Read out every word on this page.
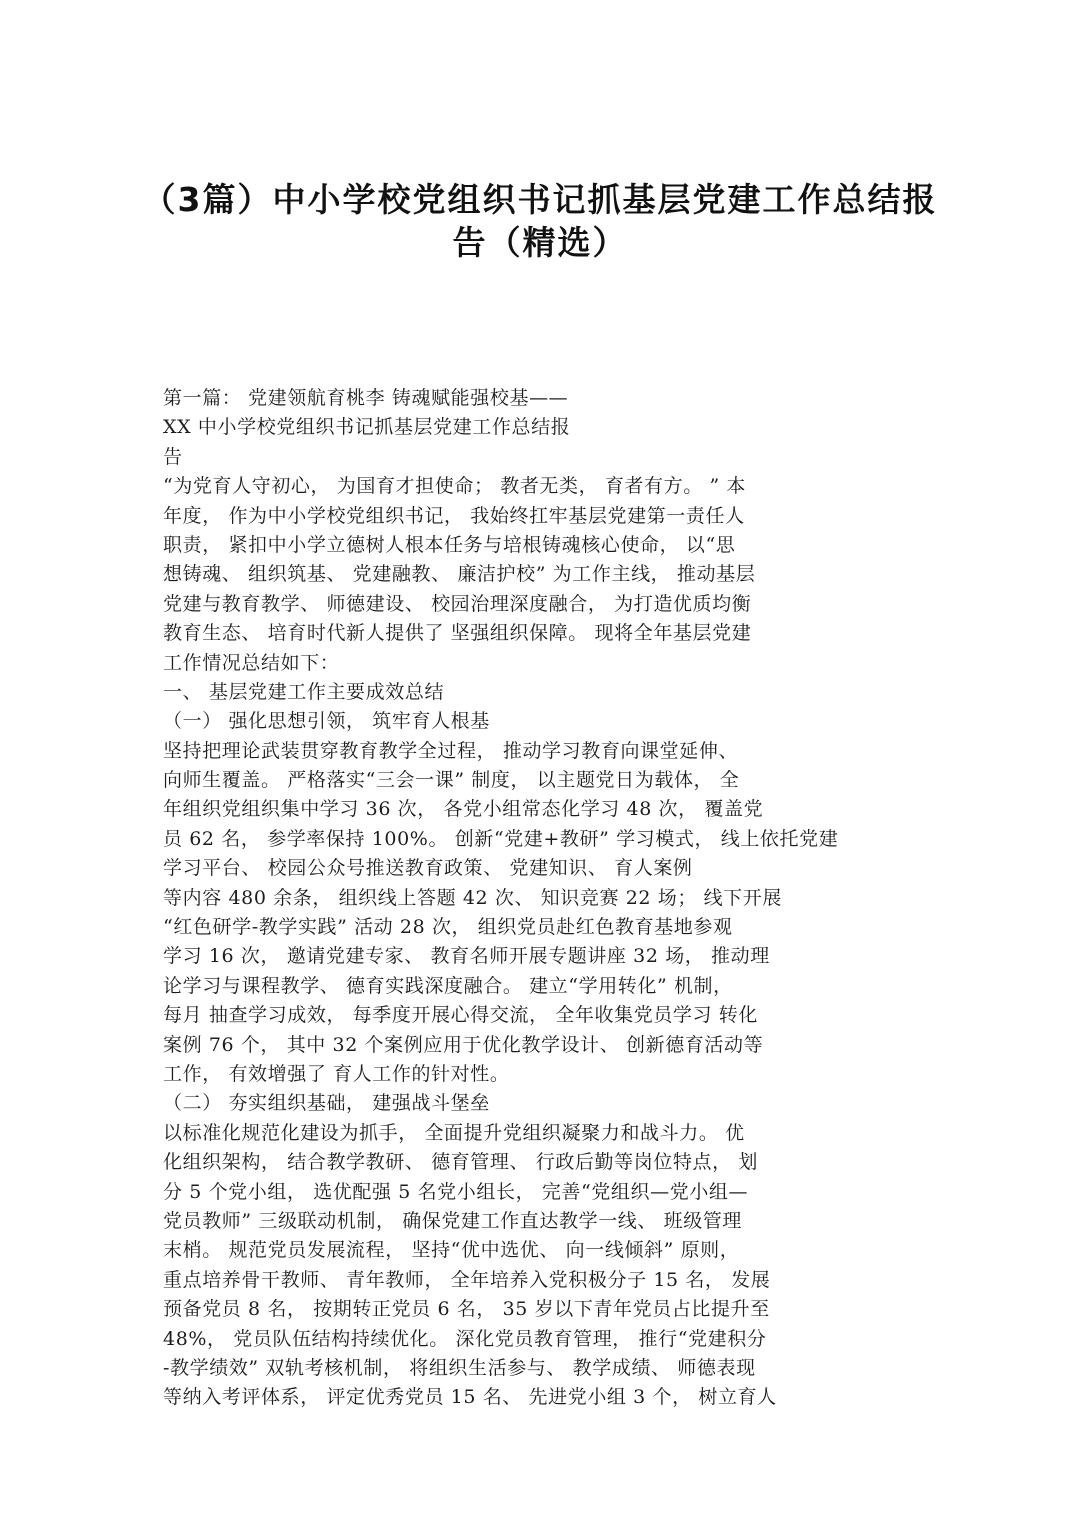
（3篇）中小学校党组织书记抓基层党建工作总结报
告（精选）
第一篇： 党建领航育桃李 铸魂赋能强校基——
XX 中小学校党组织书记抓基层党建工作总结报
告
“为党育人守初心， 为国育才担使命； 教者无类， 育者有方。 ” 本
年度， 作为中小学校党组织书记， 我始终扛牢基层党建第一责任人
职责， 紧扣中小学立德树人根本任务与培根铸魂核心使命， 以“思
想铸魂、 组织筑基、 党建融教、 廉洁护校” 为工作主线， 推动基层
党建与教育教学、 师德建设、 校园治理深度融合， 为打造优质均衡
教育生态、 培育时代新人提供了 坚强组织保障。 现将全年基层党建
工作情况总结如下：
一、 基层党建工作主要成效总结
（一） 强化思想引领， 筑牢育人根基
坚持把理论武装贯穿教育教学全过程， 推动学习教育向课堂延伸、
向师生覆盖。 严格落实“三会一课” 制度， 以主题党日为载体， 全
年组织党组织集中学习 36 次， 各党小组常态化学习 48 次， 覆盖党
员 62 名， 参学率保持 100%。 创新“党建+教研” 学习模式， 线上依托党建
学习平台、 校园公众号推送教育政策、 党建知识、 育人案例
等内容 480 余条， 组织线上答题 42 次、 知识竞赛 22 场； 线下开展
“红色研学-教学实践” 活动 28 次， 组织党员赴红色教育基地参观
学习 16 次， 邀请党建专家、 教育名师开展专题讲座 32 场， 推动理
论学习与课程教学、 德育实践深度融合。 建立“学用转化” 机制，
每月 抽查学习成效， 每季度开展心得交流， 全年收集党员学习 转化
案例 76 个， 其中 32 个案例应用于优化教学设计、 创新德育活动等
工作， 有效增强了 育人工作的针对性。
（二） 夯实组织基础， 建强战斗堡垒
以标准化规范化建设为抓手， 全面提升党组织凝聚力和战斗力。 优
化组织架构， 结合教学教研、 德育管理、 行政后勤等岗位特点， 划
分 5 个党小组， 选优配强 5 名党小组长， 完善“党组织—党小组—
党员教师” 三级联动机制， 确保党建工作直达教学一线、 班级管理
末梢。 规范党员发展流程， 坚持“优中选优、 向一线倾斜” 原则，
重点培养骨干教师、 青年教师， 全年培养入党积极分子 15 名， 发展
预备党员 8 名， 按期转正党员 6 名， 35 岁以下青年党员占比提升至
48%， 党员队伍结构持续优化。 深化党员教育管理， 推行“党建积分
-教学绩效” 双轨考核机制， 将组织生活参与、 教学成绩、 师德表现
等纳入考评体系， 评定优秀党员 15 名、 先进党小组 3 个， 树立育人
